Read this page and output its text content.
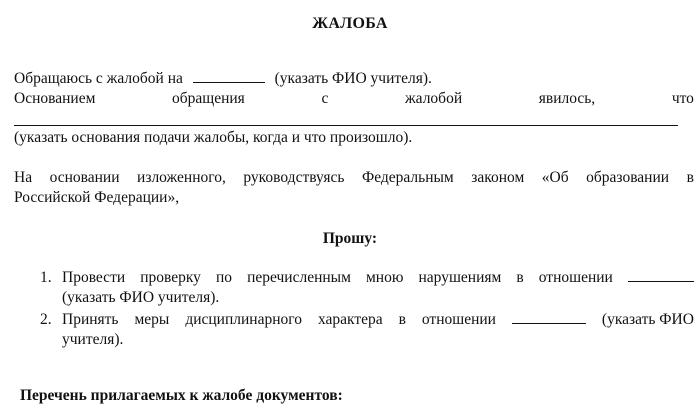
ЖАЛОБА
Обращаюсь с жалобой на	(указать ФИО учителя).
Основанием	обращения	с	жалобой	явилось,	что
(указать основания подачи жалобы, когда и что произошло).
На основании изложенного, руководствуясь Федеральным законом «Об образовании в
Российской Федерации»,
Прошу:
1. Провести проверку по перечисленным мною нарушениям в отношении
(указать ФИО учителя).
2. Принять меры дисциплинарного характера в отношении	(указать ФИО
учителя).
Перечень прилагаемых к жалобе документов:
